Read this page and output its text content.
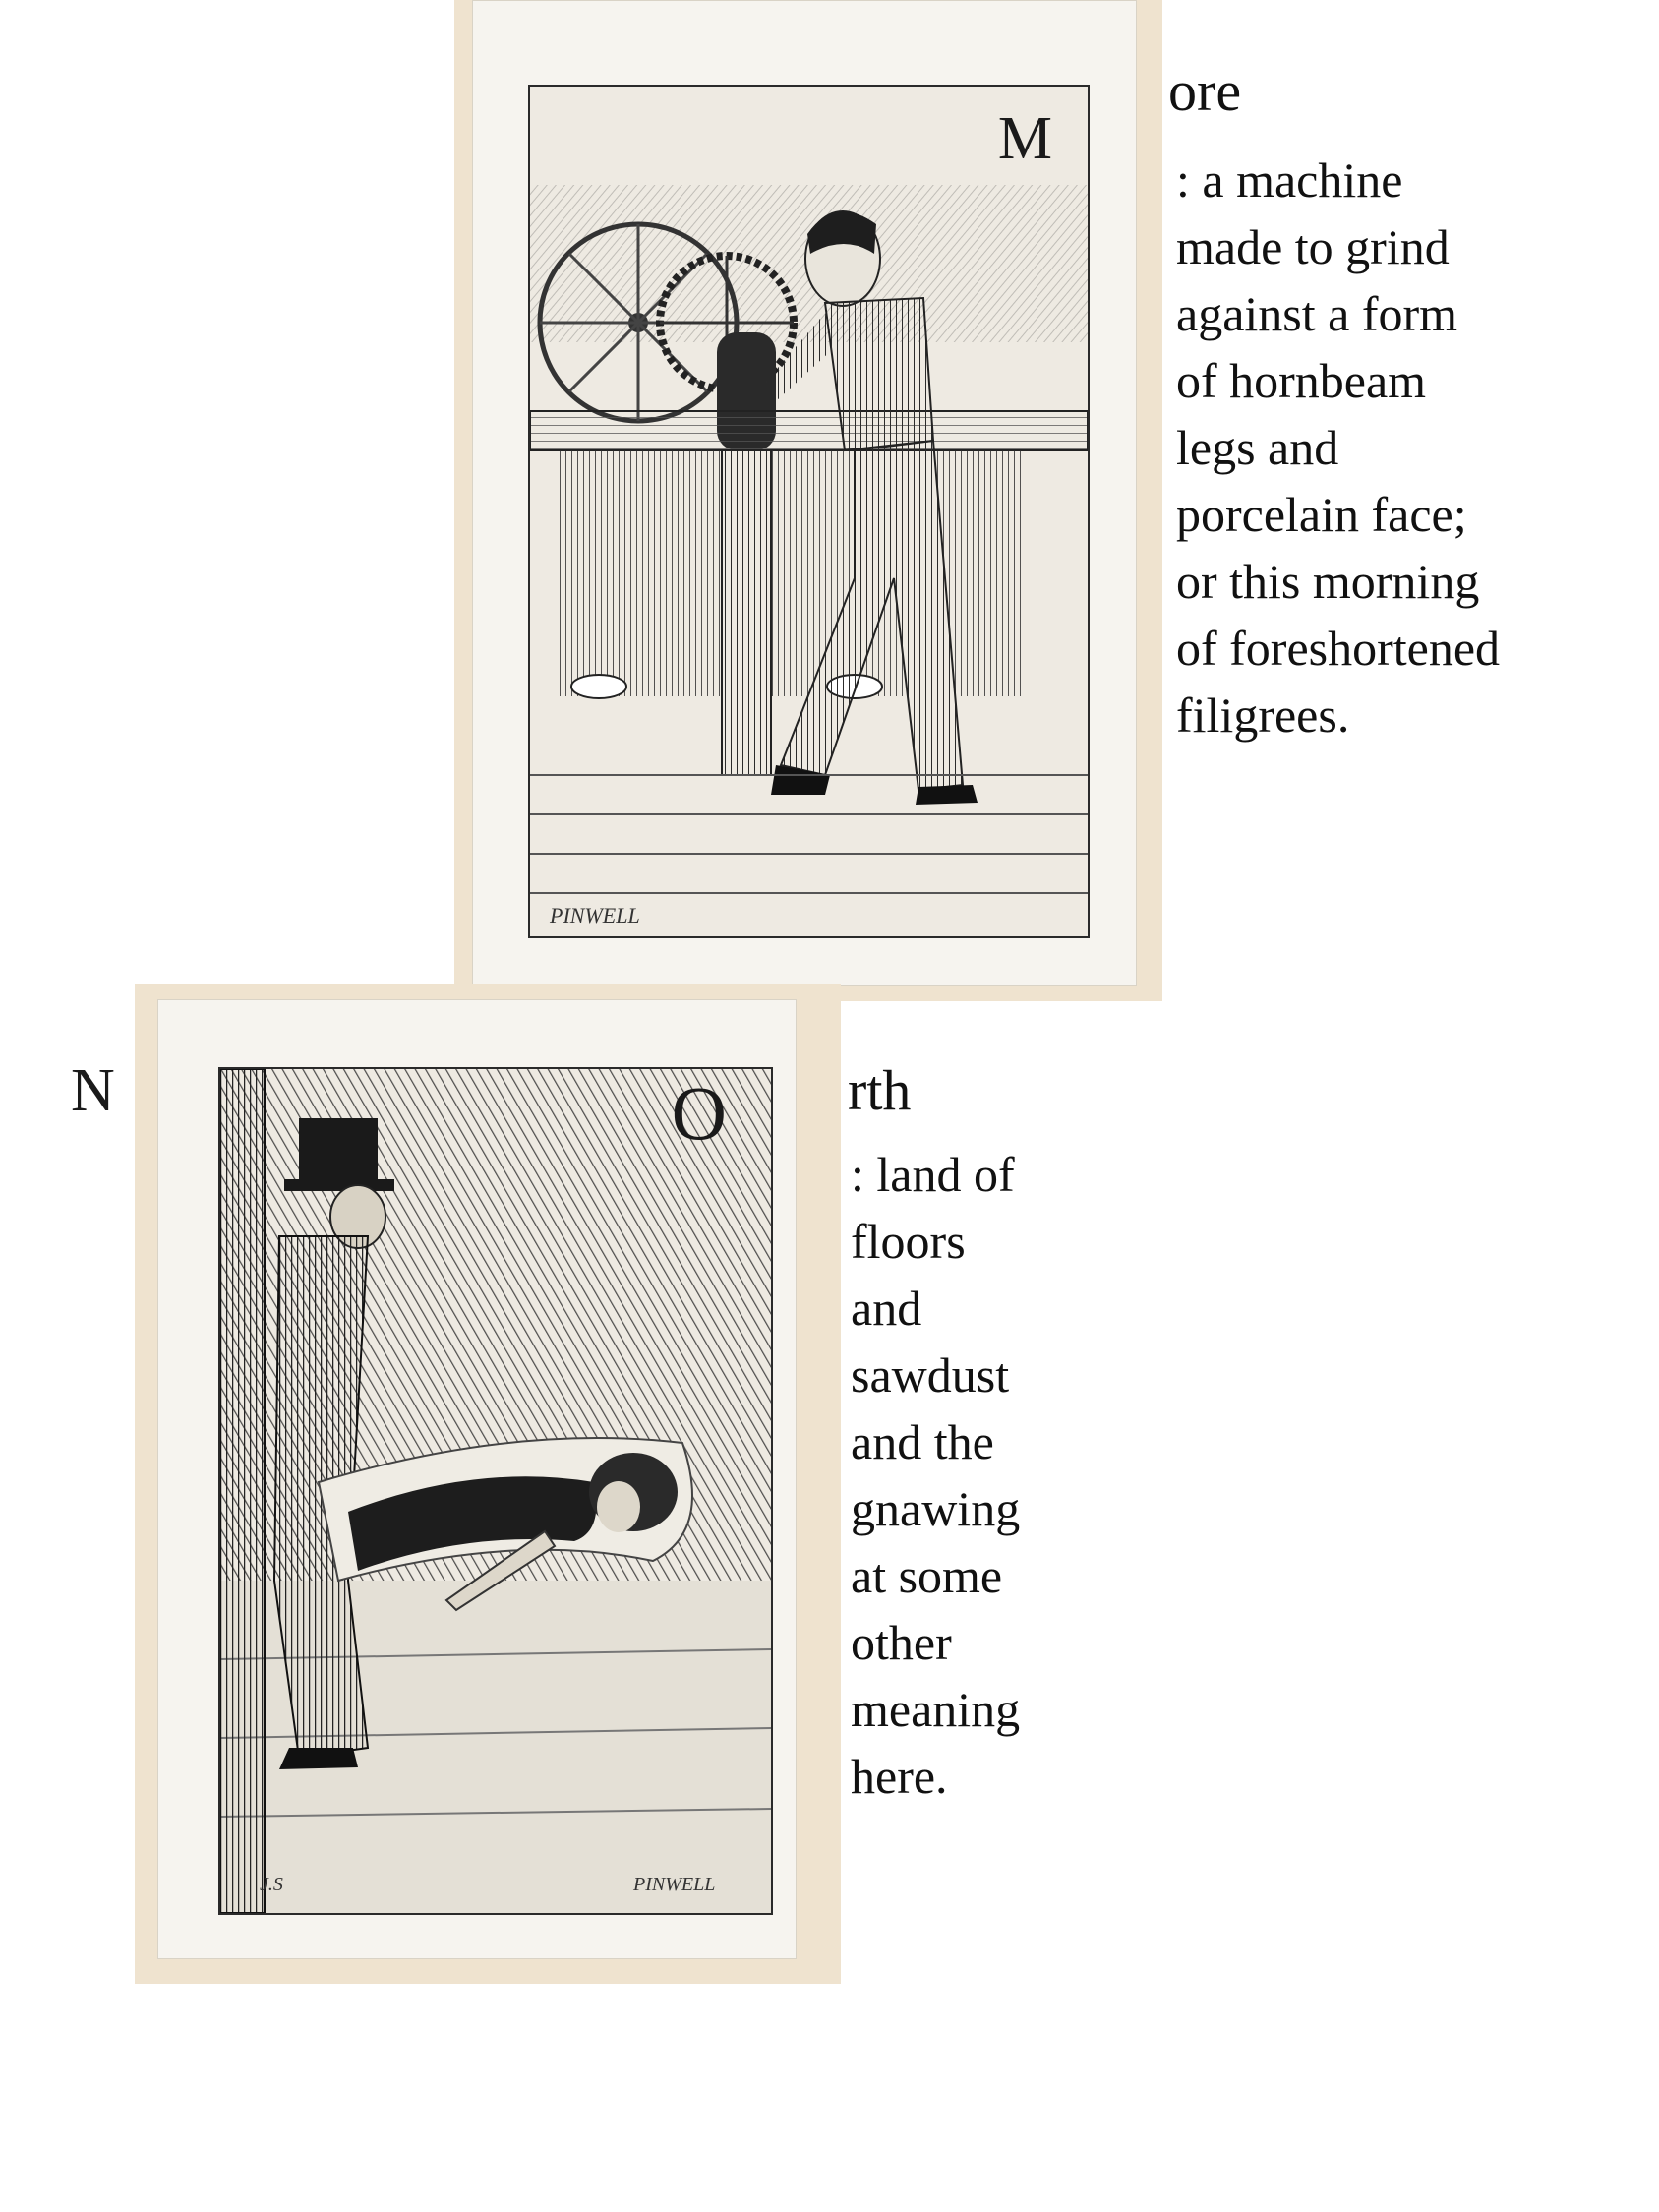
PINWELL
M
ore
: a machine
made to grind
against a form
of hornbeam
legs and
porcelain face;
or this morning
of foreshortened
filigrees.
N
J.S	PINWELL
O rth
: land of
floors
and
sawdust
and the
gnawing
at some
other
meaning
here.
